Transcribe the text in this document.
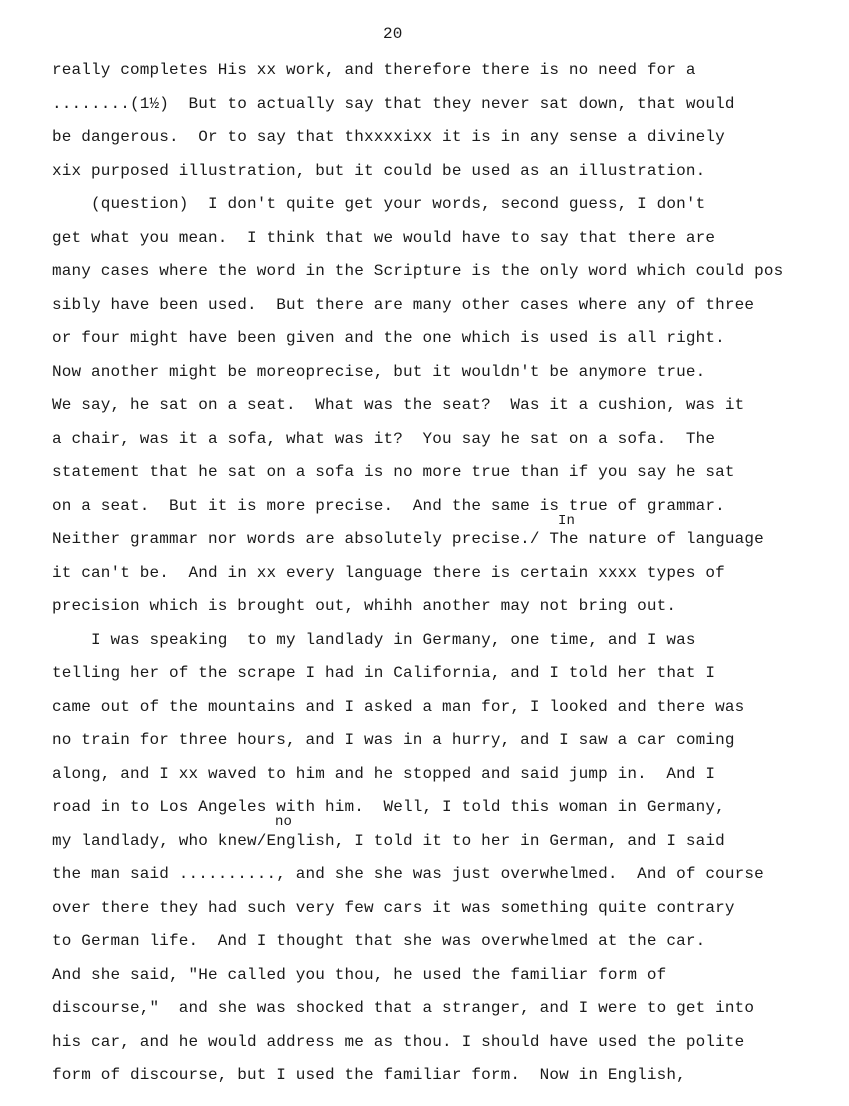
20
really completes His xx work, and therefore there is no need for a
........(1½)  But to actually say that they never sat down, that would
be dangerous.  Or to say that thxxxxixx it is in any sense a divinely
xix purposed illustration, but it could be used as an illustration.
(question)  I don't quite get your words, second guess, I don't
get what you mean.  I think that we would have to say that there are
many cases where the word in the Scripture is the only word which could pos
sibly have been used.  But there are many other cases where any of three
or four might have been given and the one which is used is all right.
Now another might be moreoprecise, but it wouldn't be anymore true.
We say, he sat on a seat.  What was the seat?  Was it a cushion, was it
a chair, was it a sofa, what was it?  You say he sat on a sofa.  The
statement that he sat on a sofa is no more true than if you say he sat
on a seat.  But it is more precise.  And the same is true of grammar.
In
Neither grammar nor words are absolutely precise./ The nature of language
it can't be.  And in xx every language there is certain xxxx types of
precision which is brought out, whihh another may not bring out.
I was speaking  to my landlady in Germany, one time, and I was
telling her of the scrape I had in California, and I told her that I
came out of the mountains and I asked a man for, I looked and there was
no train for three hours, and I was in a hurry, and I saw a car coming
along, and I xx waved to him and he stopped and said jump in.  And I
road in to Los Angeles with him.  Well, I told this woman in Germany,
no
my landlady, who knew/English, I told it to her in German, and I said
the man said .........., and she she was just overwhelmed.  And of course
over there they had such very few cars it was something quite contrary
to German life.  And I thought that she was overwhelmed at the car.
And she said, "He called you thou, he used the familiar form of
discourse,"  and she was shocked that a stranger, and I were to get into
his car, and he would address me as thou. I should have used the polite
form of discourse, but I used the familiar form.  Now in English,
